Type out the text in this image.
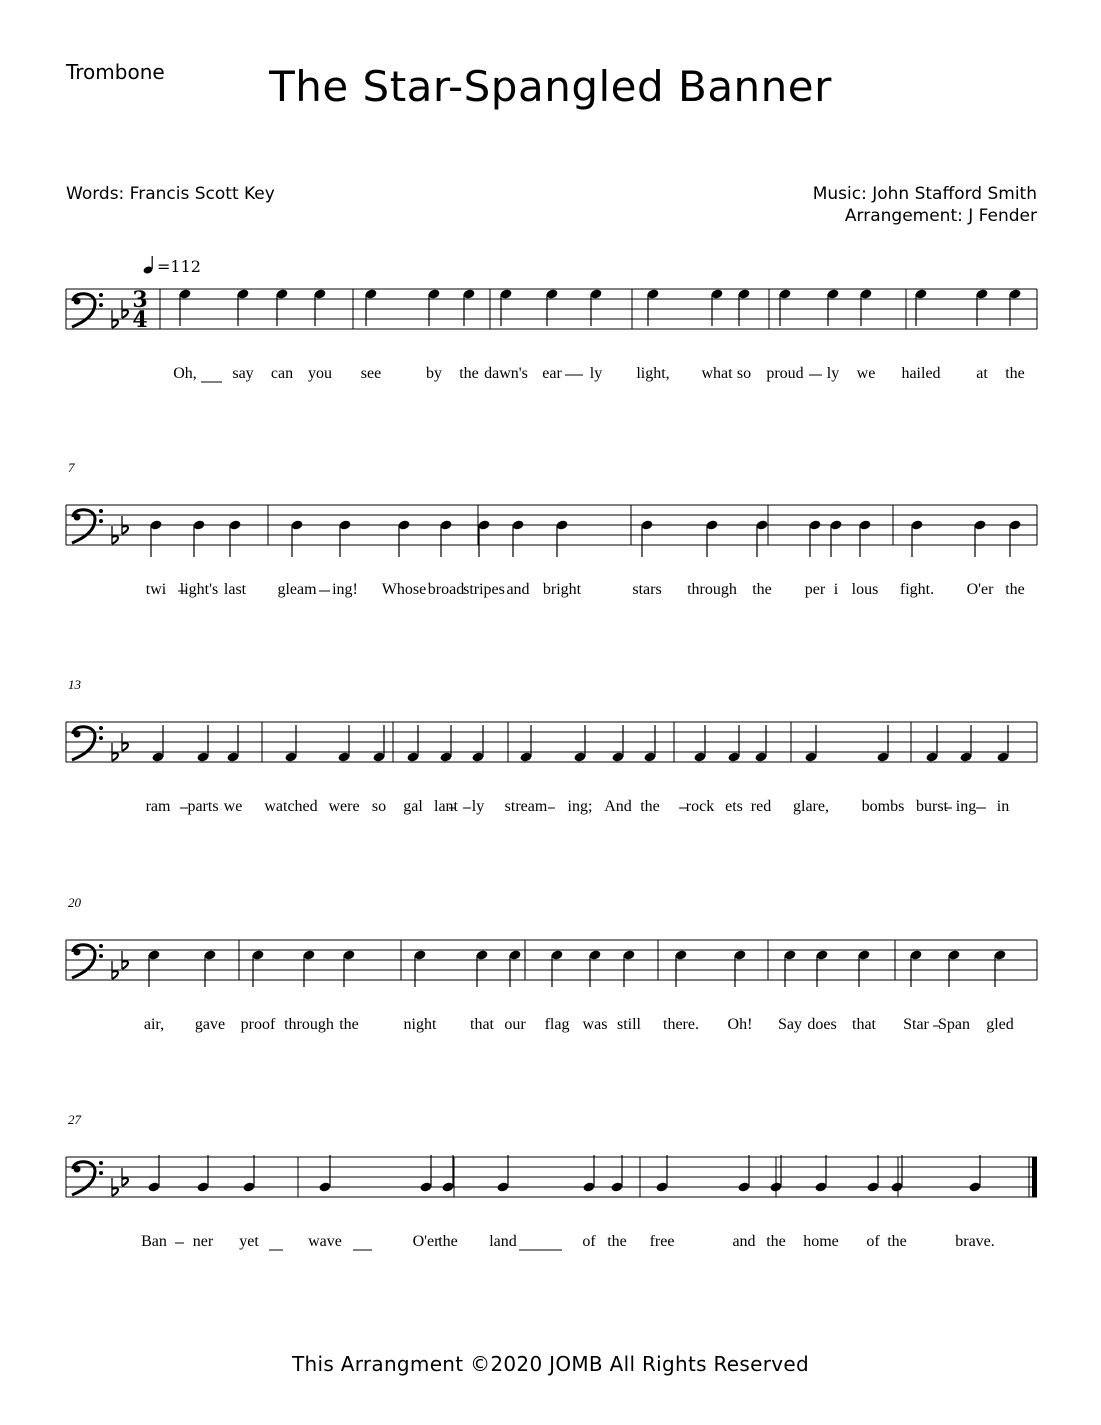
Trombone	The Star-Spangled Banner
Words: Francis Scott Key	Music: John Stafford Smith
Arrangement: J Fender
=112
3
4
Oh, say can you see	by the dawn's ear ly light, what so proud ly we hailed at the
7
twi light's last gleam ing! Whose broad
stripes and bright	stars through the per i lous fight. O'er the
13
ram parts we watched were so gal lant ly stream ing; And the rock ets red glare, bombs burst ing in
20
air, gave proof through the	night that our flag was still there. Oh! Say does that Star Span gled
27
Ban ner yet	wave	O'er
the land	of the free	and the home of the	brave.
This Arrangment ©2020 JOMB All Rights Reserved
